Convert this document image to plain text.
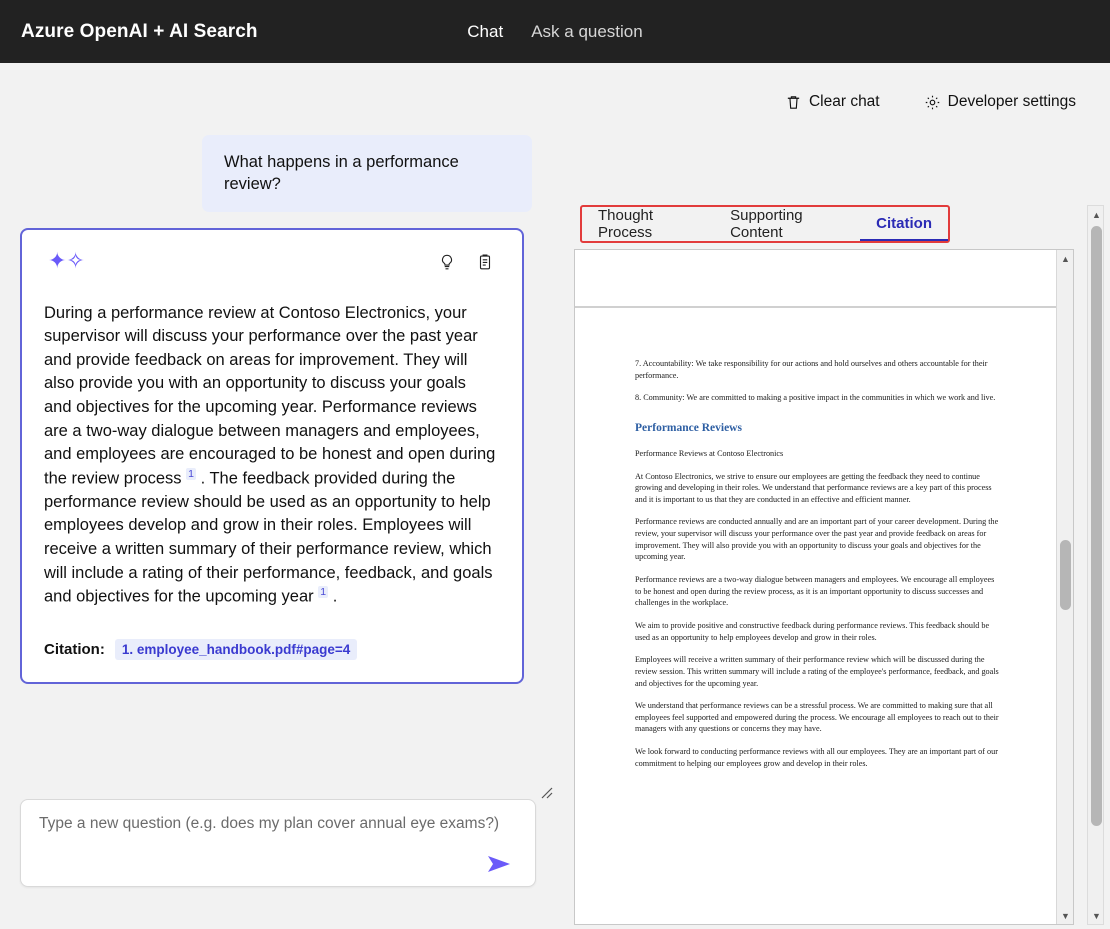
Azure OpenAI + AI Search	Chat Ask a question
Clear chat	Developer settings
What happens in a performance review?
✦✧
During a performance review at Contoso Electronics, your supervisor will discuss your performance over the past year and provide feedback on areas for improvement. They will also provide you with an opportunity to discuss your goals and objectives for the upcoming year. Performance reviews are a two-way dialogue between managers and employees, and employees are encouraged to be honest and open during the review process $^1$ . The feedback provided during the performance review should be used as an opportunity to help employees develop and grow in their roles. Employees will receive a written summary of their performance review, which will include a rating of their performance, feedback, and goals and objectives for the upcoming year $^1$ .
Citation:	1. employee_handbook.pdf#page=4
Type a new question (e.g. does my plan cover annual eye exams?)
Thought Process
Supporting Content
Citation

7. Accountability: We take responsibility for our actions and hold ourselves and others accountable for their performance.

8. Community: We are committed to making a positive impact in the communities in which we work and live.

Performance Reviews

Performance Reviews at Contoso Electronics

At Contoso Electronics, we strive to ensure our employees are getting the feedback they need to continue growing and developing in their roles. We understand that performance reviews are a key part of this process and it is important to us that they are conducted in an effective and efficient manner.

Performance reviews are conducted annually and are an important part of your career development. During the review, your supervisor will discuss your performance over the past year and provide feedback on areas for improvement. They will also provide you with an opportunity to discuss your goals and objectives for the upcoming year.

Performance reviews are a two-way dialogue between managers and employees. We encourage all employees to be honest and open during the review process, as it is an important opportunity to discuss successes and challenges in the workplace.

We aim to provide positive and constructive feedback during performance reviews. This feedback should be used as an opportunity to help employees develop and grow in their roles.

Employees will receive a written summary of their performance review which will be discussed during the review session. This written summary will include a rating of the employee's performance, feedback, and goals and objectives for the upcoming year.

We understand that performance reviews can be a stressful process. We are committed to making sure that all employees feel supported and empowered during the process. We encourage all employees to reach out to their managers with any questions or concerns they may have.

We look forward to conducting performance reviews with all our employees. They are an important part of our commitment to helping our employees grow and develop in their roles.

▲
▼
▲
▼
